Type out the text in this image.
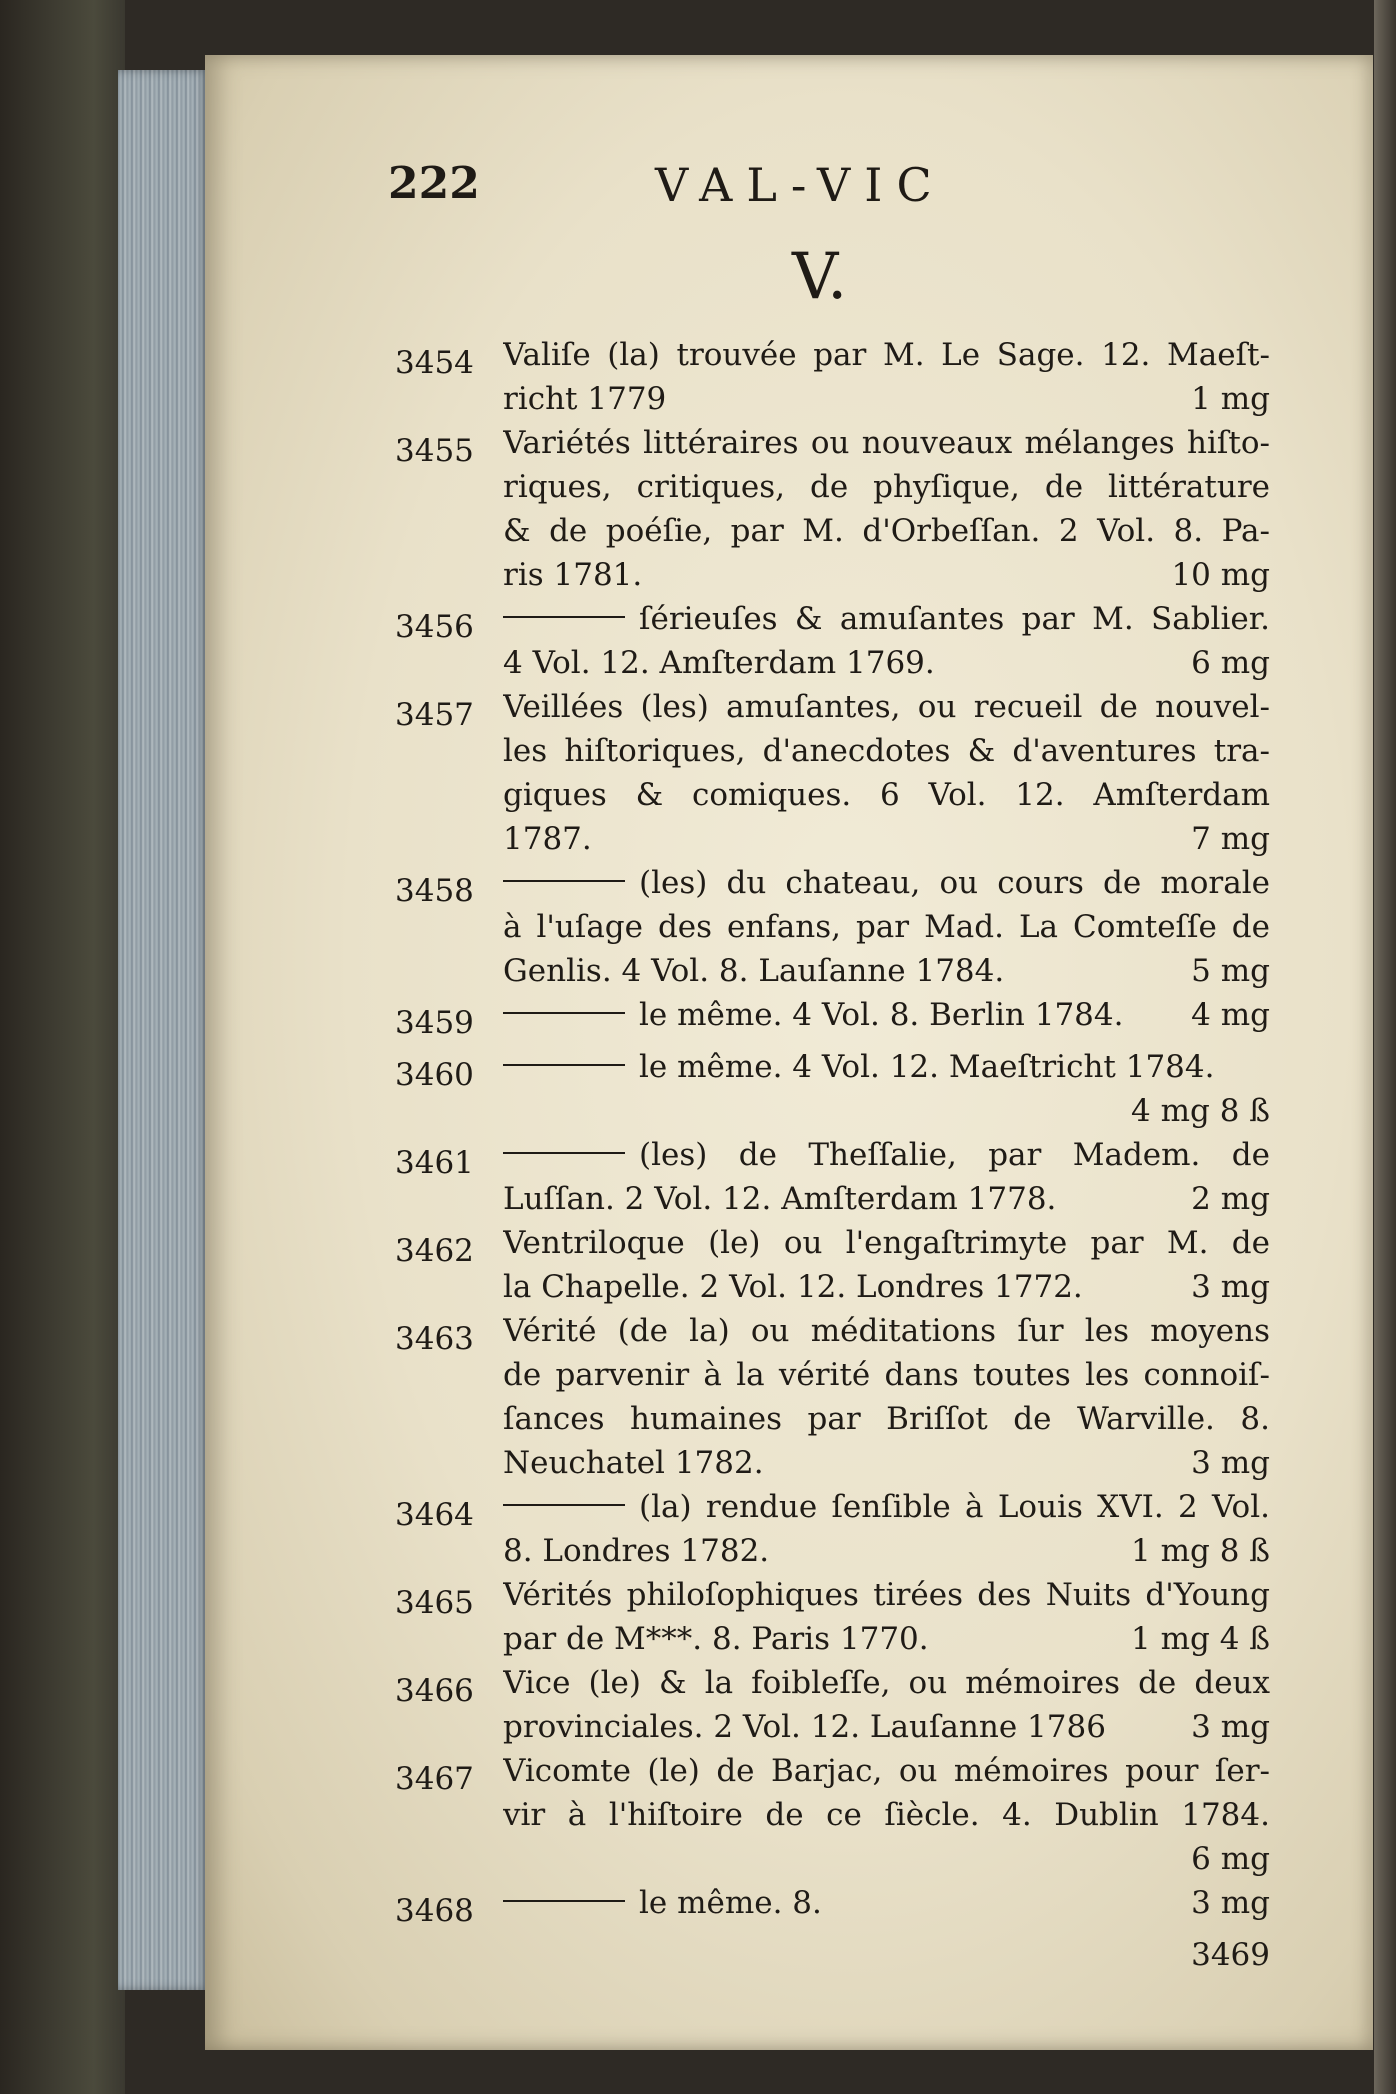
222	VAL-VIC
V.
3454 Valiſe (la) trouvée par M. Le Sage. 12. Maeſt-
richt 1779	1 mg
3455 Variétés littéraires ou nouveaux mélanges hiſto-
riques, critiques, de phyſique, de littérature
& de poéſie, par M. d'Orbeſſan. 2 Vol. 8. Pa-
ris 1781.	10 mg
3456	ſérieuſes & amuſantes par M. Sablier.
4 Vol. 12. Amſterdam 1769.	6 mg
3457 Veillées (les) amuſantes, ou recueil de nouvel-
les hiſtoriques, d'anecdotes & d'aventures tra-
giques & comiques. 6 Vol. 12. Amſterdam
1787.	7 mg
3458	(les) du chateau, ou cours de morale
à l'uſage des enfans, par Mad. La Comteſſe de
Genlis. 4 Vol. 8. Lauſanne 1784.	5 mg
3459	le même. 4 Vol. 8. Berlin 1784.	4 mg
3460	le même. 4 Vol. 12. Maeſtricht 1784.
4 mg 8 ß
3461	(les) de Theſſalie, par Madem. de
Luſſan. 2 Vol. 12. Amſterdam 1778.	2 mg
3462 Ventriloque (le) ou l'engaſtrimyte par M. de
la Chapelle. 2 Vol. 12. Londres 1772.	3 mg
3463 Vérité (de la) ou méditations ſur les moyens
de parvenir à la vérité dans toutes les connoiſ-
ſances humaines par Briſſot de Warville. 8.
Neuchatel 1782.	3 mg
3464	(la) rendue ſenſible à Louis XVI. 2 Vol.
8. Londres 1782.	1 mg 8 ß
3465 Vérités philoſophiques tirées des Nuits d'Young
par de M***. 8. Paris 1770.	1 mg 4 ß
3466 Vice (le) & la foibleſſe, ou mémoires de deux
provinciales. 2 Vol. 12. Lauſanne 1786	3 mg
3467 Vicomte (le) de Barjac, ou mémoires pour ſer-
vir à l'hiſtoire de ce ſiècle. 4. Dublin 1784.
6 mg
3468	le même. 8.	3 mg
3469
